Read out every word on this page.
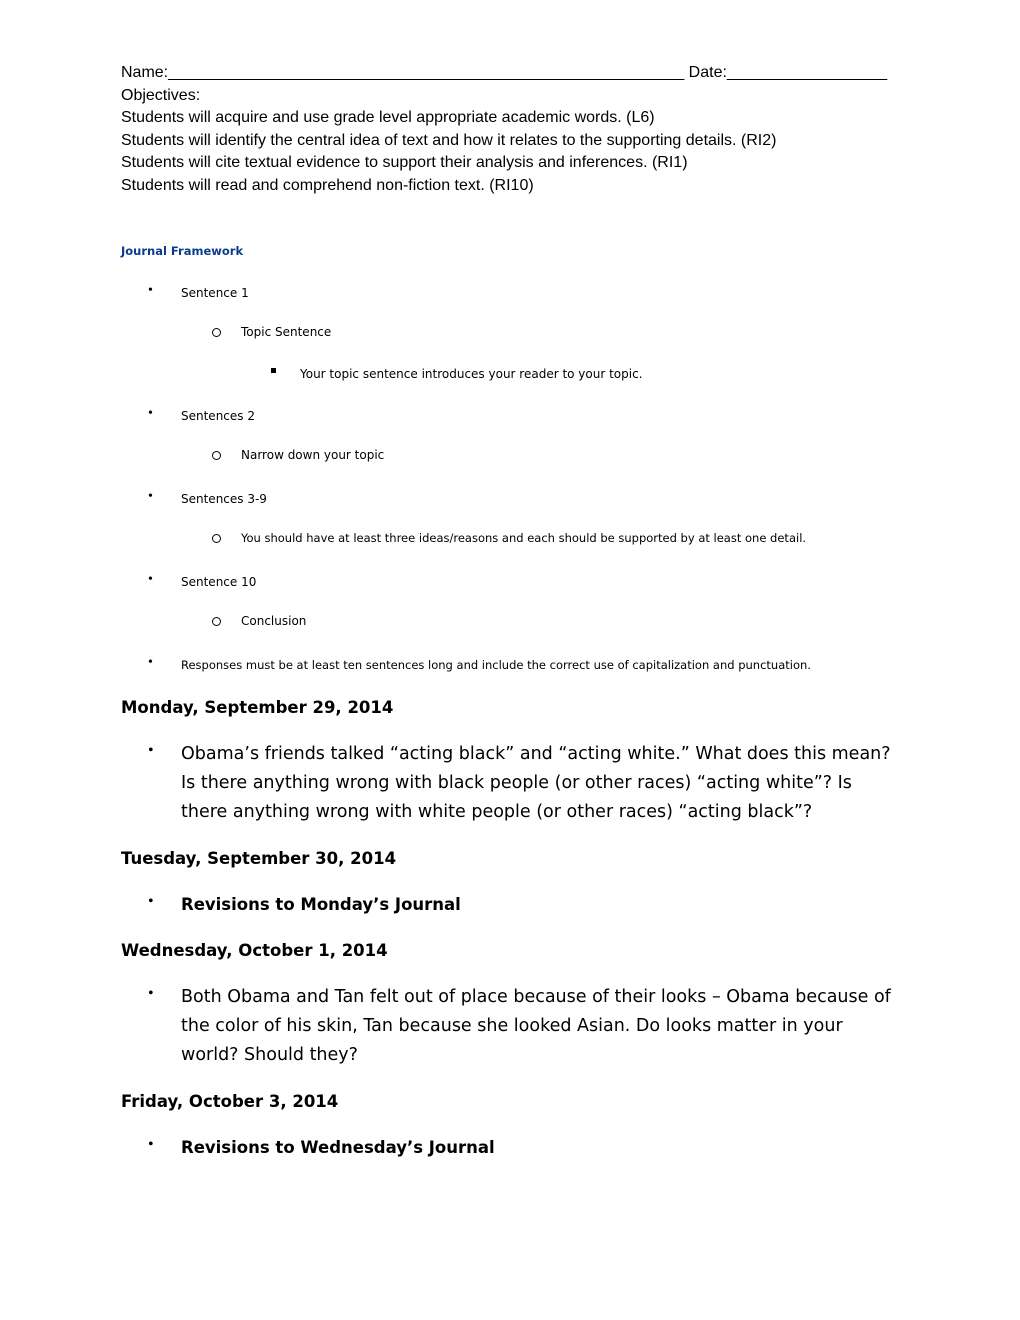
Name:__________________________________________________________ Date:__________________
Objectives:
Students will acquire and use grade level appropriate academic words. (L6)
Students will identify the central idea of text and how it relates to the supporting details. (RI2)
Students will cite textual evidence to support their analysis and inferences. (RI1)
Students will read and comprehend non-fiction text. (RI10)
Journal Framework
• Sentence 1
Topic Sentence
Your topic sentence introduces your reader to your topic.
• Sentences 2
Narrow down your topic
• Sentences 3-9
You should have at least three ideas/reasons and each should be supported by at least one detail.
• Sentence 10
Conclusion
• Responses must be at least ten sentences long and include the correct use of capitalization and punctuation.
Monday, September 29, 2014
• Obama’s friends talked “acting black” and “acting white.” What does this mean? Is there anything wrong with black people (or other races) “acting white”? Is there anything wrong with white people (or other races) “acting black”?
Tuesday, September 30, 2014
• Revisions to Monday’s Journal
Wednesday, October 1, 2014
• Both Obama and Tan felt out of place because of their looks – Obama because of the color of his skin, Tan because she looked Asian. Do looks matter in your world? Should they?
Friday, October 3, 2014
• Revisions to Wednesday’s Journal
